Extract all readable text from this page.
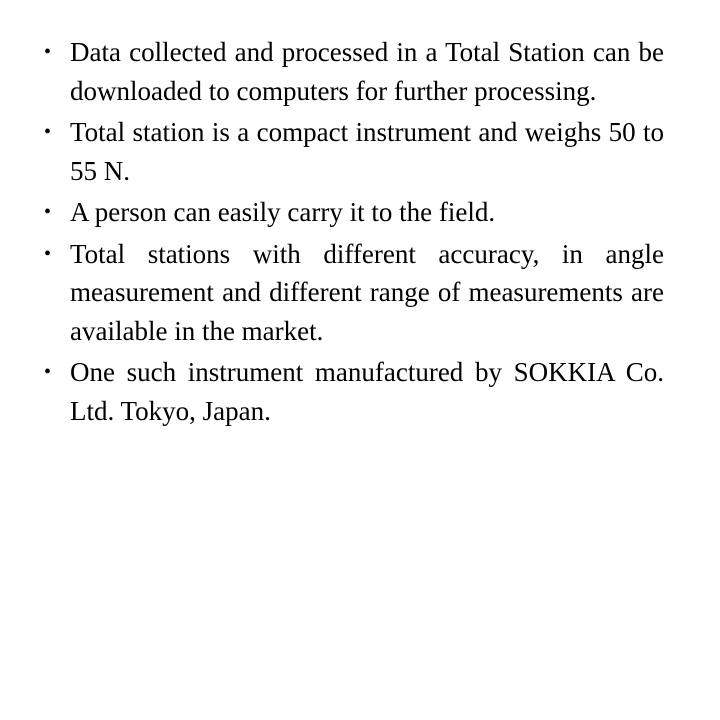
• Data collected and processed in a Total Station can be downloaded to computers for further processing.
• Total station is a compact instrument and weighs 50 to 55 N.
• A person can easily carry it to the field.
• Total stations with different accuracy, in angle measurement and different range of measurements are available in the market.
• One such instrument manufactured by SOKKIA Co. Ltd. Tokyo, Japan.
